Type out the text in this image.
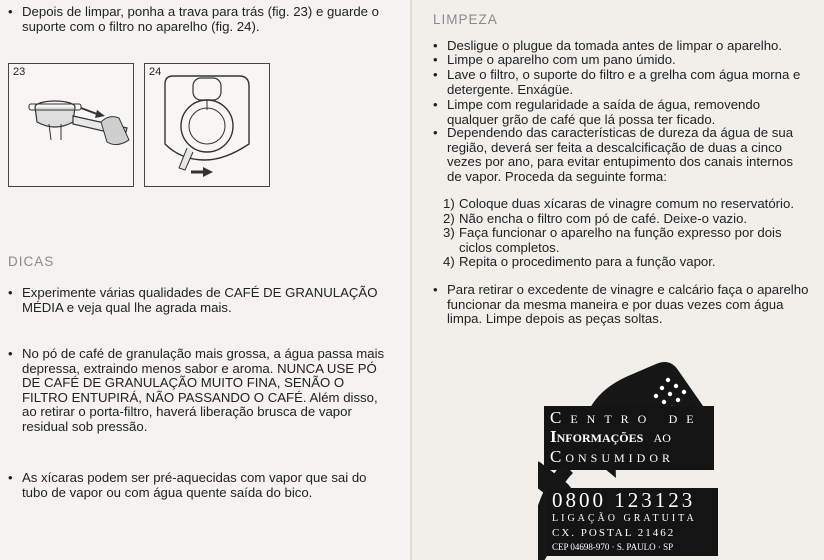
• Depois de limpar, ponha a trava para trás (fig. 23) e guarde o
suporte com o filtro no aparelho (fig. 24).
23	24
DICAS
• Experimente várias qualidades de CAFÉ DE GRANULAÇÃO
MÉDIA e veja qual lhe agrada mais.
• No pó de café de granulação mais grossa, a água passa mais
depressa, extraindo menos sabor e aroma. NUNCA USE PÓ
DE CAFÉ DE GRANULAÇÃO MUITO FINA, SENÃO O
FILTRO ENTUPIRÁ, NÃO PASSANDO O CAFÉ. Além disso,
ao retirar o porta-filtro, haverá liberação brusca de vapor
residual sob pressão.
• As xícaras podem ser pré-aquecidas com vapor que sai do
tubo de vapor ou com água quente saída do bico.
LIMPEZA
• Desligue o plugue da tomada antes de limpar o aparelho.
• Limpe o aparelho com um pano úmido.
• Lave o filtro, o suporte do filtro e a grelha com água morna e
detergente. Enxágüe.
• Limpe com regularidade a saída de água, removendo
qualquer grão de café que lá possa ter ficado.
• Dependendo das características de dureza da água de sua
região, deverá ser feita a descalcificação de duas a cinco
vezes por ano, para evitar entupimento dos canais internos
de vapor. Proceda da seguinte forma:
1) Coloque duas xícaras de vinagre comum no reservatório.
2) Não encha o filtro com pó de café. Deixe-o vazio.
3) Faça funcionar o aparelho na função expresso por dois
ciclos completos.
4) Repita o procedimento para a função vapor.
• Para retirar o excedente de vinagre e calcário faça o aparelho
funcionar da mesma maneira e por duas vezes com água
limpa. Limpe depois as peças soltas.
Centro de
Informações ao
Consumidor
0800 123123
LIGAÇÃO GRATUITA
CX. POSTAL 21462
CEP 04698-970 · S. PAULO · SP
